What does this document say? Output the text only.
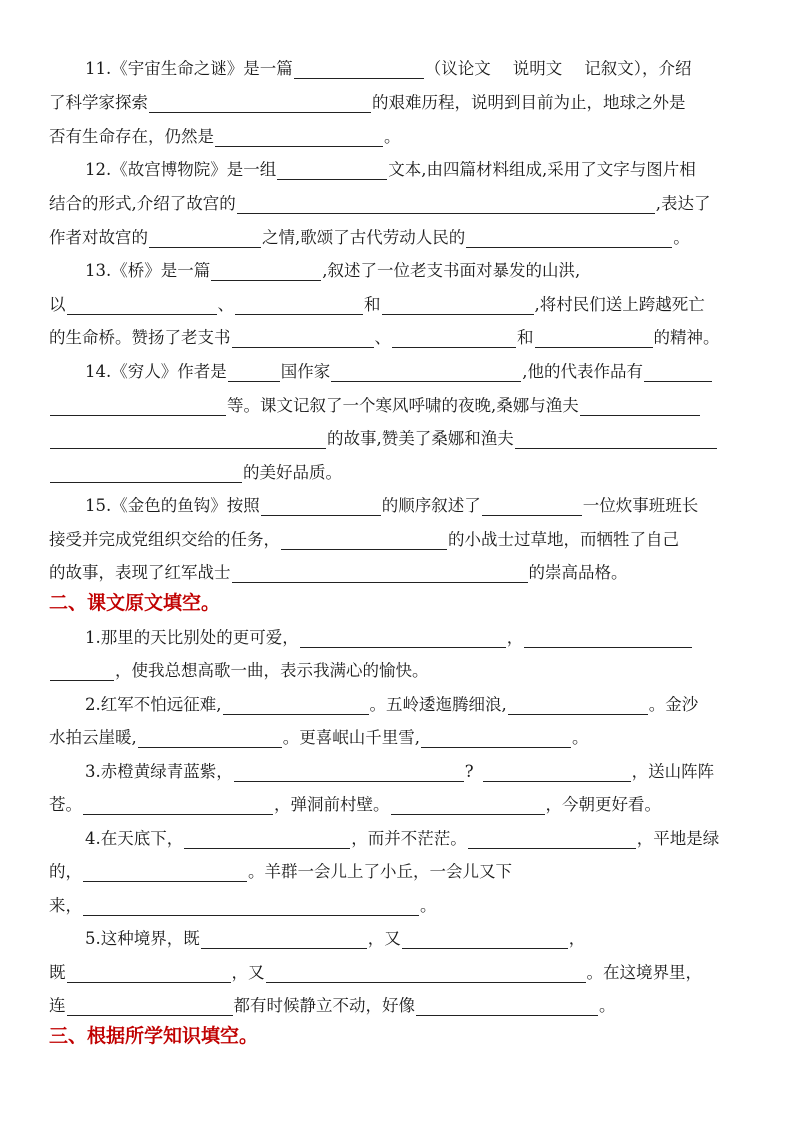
11.《宇宙生命之谜》是一篇	（议论文 说明文 记叙文），介绍
了科学家探索	的艰难历程，说明到目前为止，地球之外是
否有生命存在，仍然是	。
12.《故宫博物院》是一组	文本,由四篇材料组成,采用了文字与图片相
结合的形式,介绍了故宫的	,表达了
作者对故宫的	之情,歌颂了古代劳动人民的	。
13.《桥》是一篇	,叙述了一位老支书面对暴发的山洪,
以	、	和	,将村民们送上跨越死亡
的生命桥。赞扬了老支书	、	和	的精神。
14.《穷人》作者是	国作家	,他的代表作品有
等。课文记叙了一个寒风呼啸的夜晚,桑娜与渔夫
的故事,赞美了桑娜和渔夫
的美好品质。
15.《金色的鱼钩》按照	的顺序叙述了	一位炊事班班长
接受并完成党组织交给的任务，	的小战士过草地，而牺牲了自己
的故事，表现了红军战士	的崇高品格。
二、课文原文填空。
1.那里的天比别处的更可爱，	，
，使我总想高歌一曲，表示我满心的愉快。
2.红军不怕远征难,	。五岭逶迤腾细浪,	。金沙
水拍云崖暖,	。更喜岷山千里雪,	。
3.赤橙黄绿青蓝紫，	?	，送山阵阵
苍。	，弹洞前村壁。	，今朝更好看。
4.在天底下，	，而并不茫茫。	，平地是绿
的，	。羊群一会儿上了小丘，一会儿又下
来，	。
5.这种境界，既	，又	，
既	，又	。在这境界里，
连	都有时候静立不动，好像	。
三、根据所学知识填空。
